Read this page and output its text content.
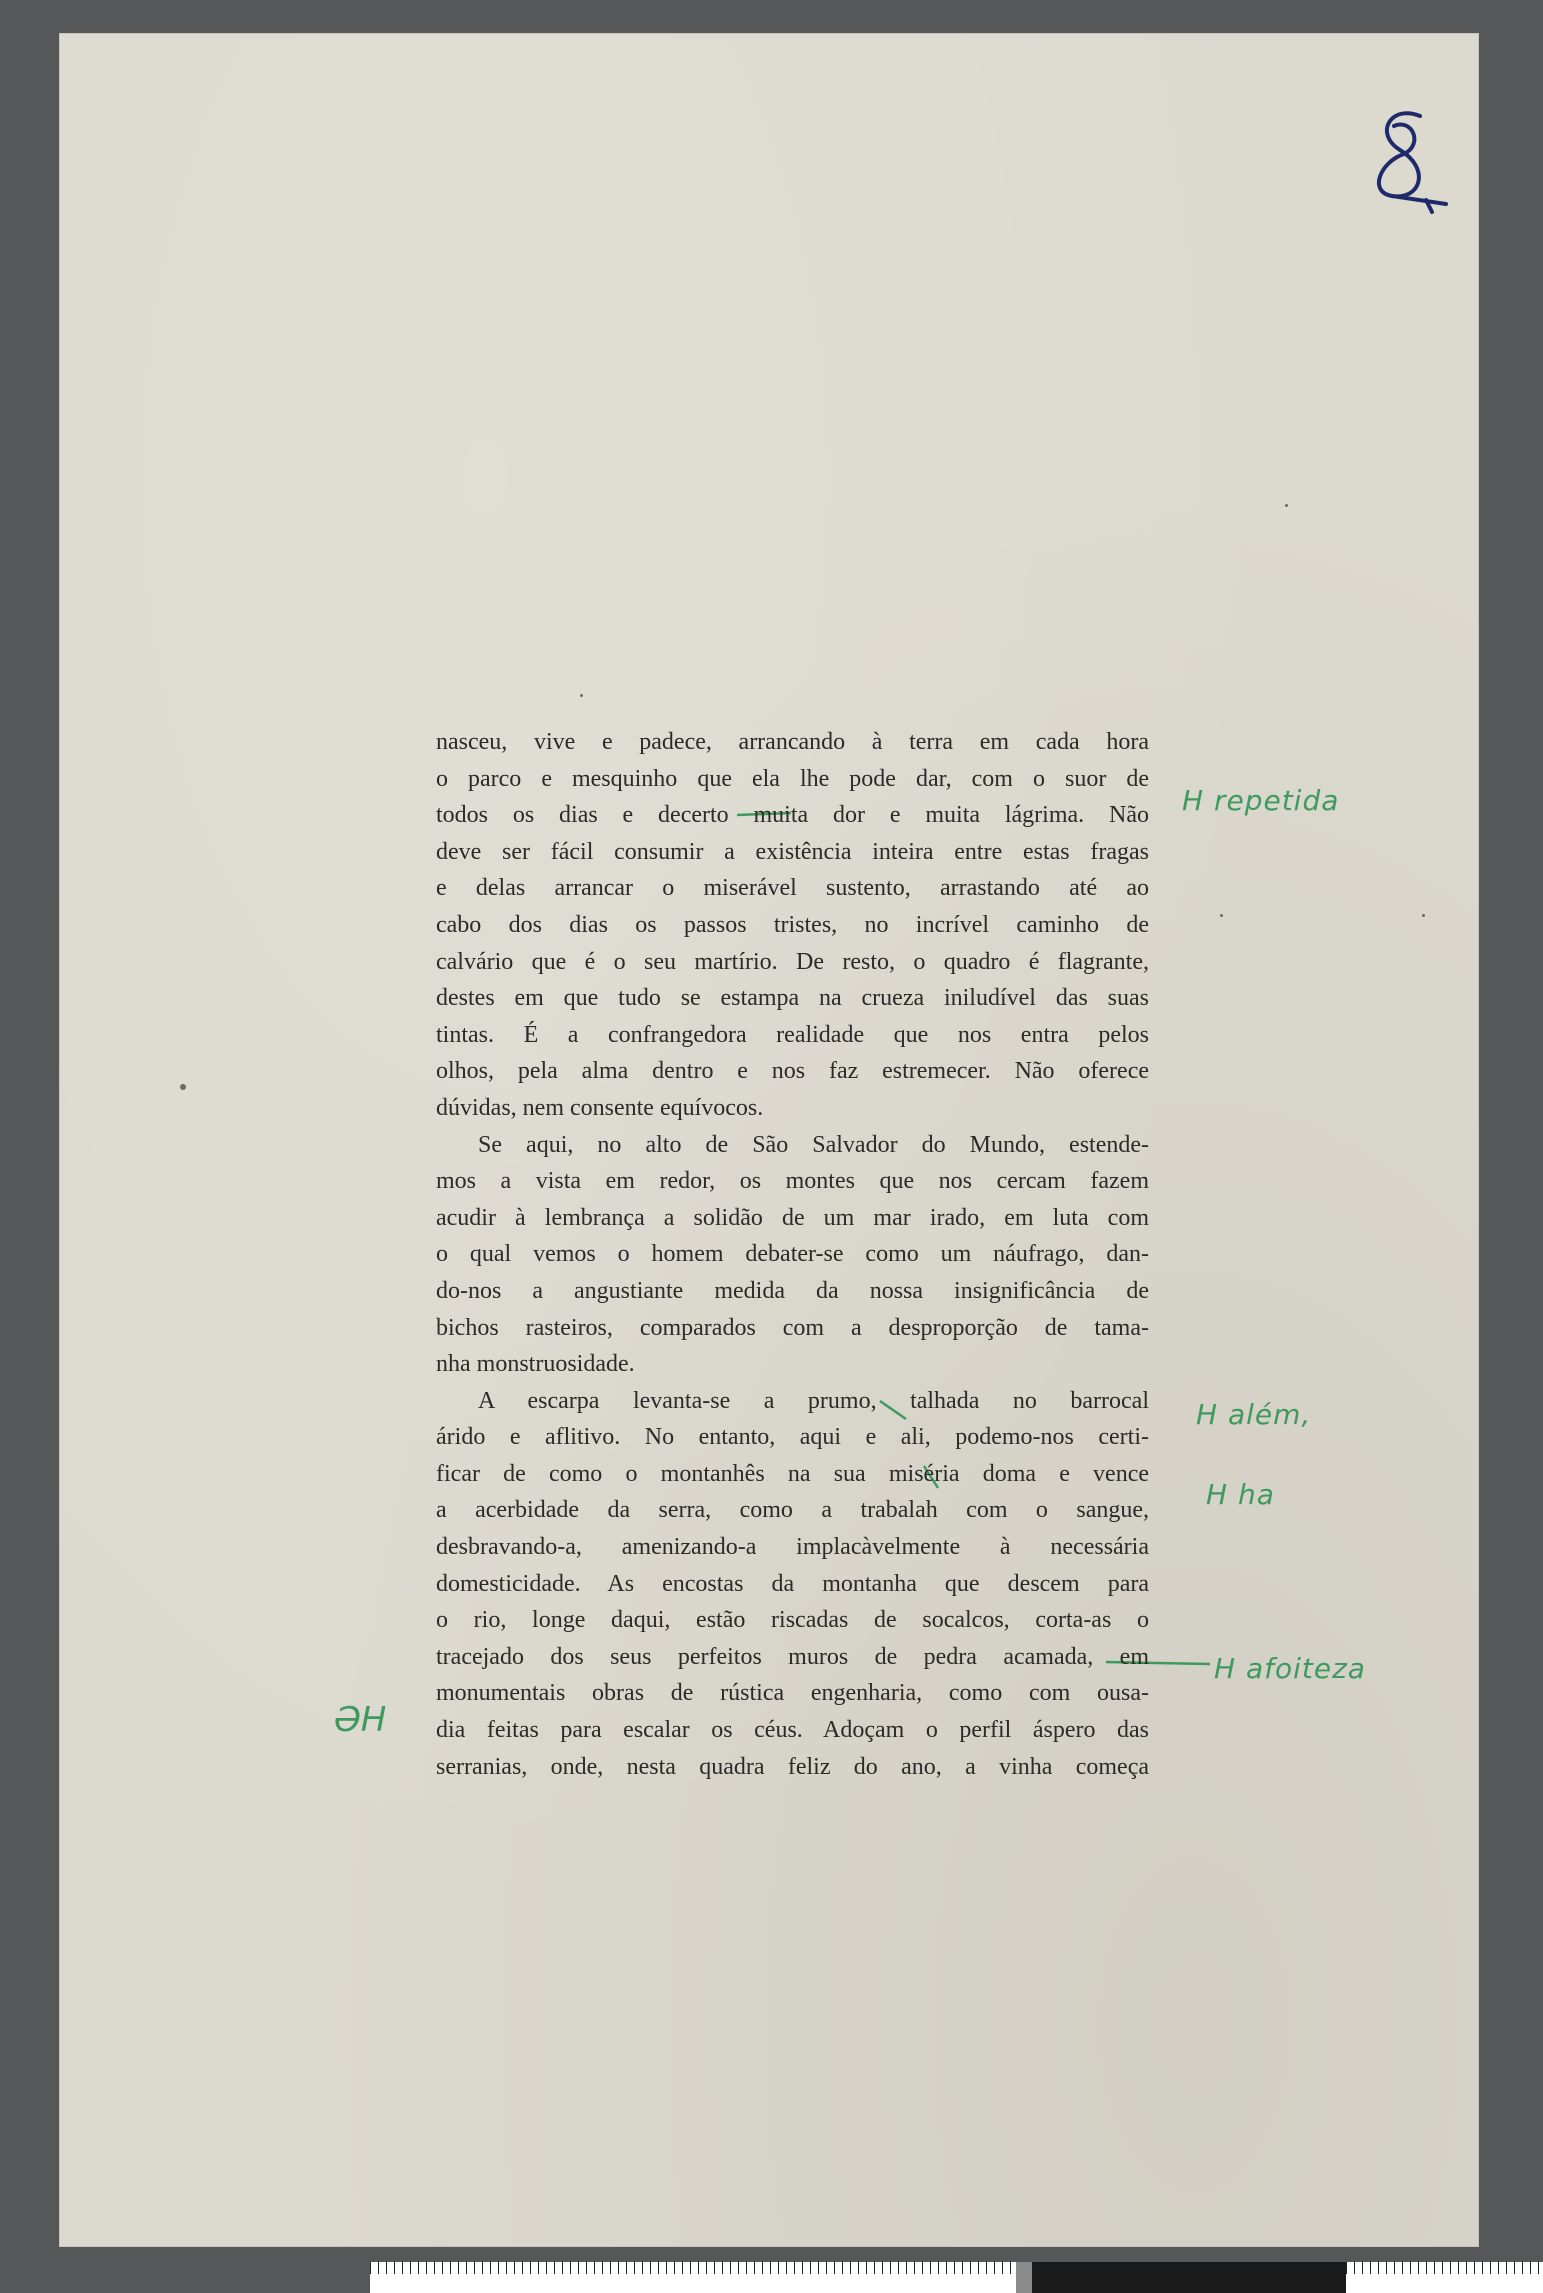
nasceu, vive e padece, arrancando à terra em cada hora
o parco e mesquinho que ela lhe pode dar, com o suor de
todos os dias e decerto muita dor e muita lágrima. Não
deve ser fácil consumir a existência inteira entre estas fragas
e delas arrancar o miserável sustento, arrastando até ao
cabo dos dias os passos tristes, no incrível caminho de
calvário que é o seu martírio. De resto, o quadro é flagrante,
destes em que tudo se estampa na crueza iniludível das suas
tintas. É a confrangedora realidade que nos entra pelos
olhos, pela alma dentro e nos faz estremecer. Não oferece
dúvidas, nem consente equívocos.
Se aqui, no alto de São Salvador do Mundo, estende-
mos a vista em redor, os montes que nos cercam fazem
acudir à lembrança a solidão de um mar irado, em luta com
o qual vemos o homem debater-se como um náufrago, dan-
do-nos a angustiante medida da nossa insignificância de
bichos rasteiros, comparados com a desproporção de tama-
nha monstruosidade.
A escarpa levanta-se a prumo, talhada no barrocal
árido e aflitivo. No entanto, aqui e ali, podemo-nos certi-
ficar de como o montanhês na sua miséria doma e vence
a acerbidade da serra, como a trabalah com o sangue,
desbravando-a, amenizando-a implacàvelmente à necessária
domesticidade. As encostas da montanha que descem para
o rio, longe daqui, estão riscadas de socalcos, corta-as o
tracejado dos seus perfeitos muros de pedra acamada, em
monumentais obras de rústica engenharia, como com ousa-
dia feitas para escalar os céus. Adoçam o perfil áspero das
serranias, onde, nesta quadra feliz do ano, a vinha começa
H repetida
H além,
H ha
H afoiteza
ƏH
